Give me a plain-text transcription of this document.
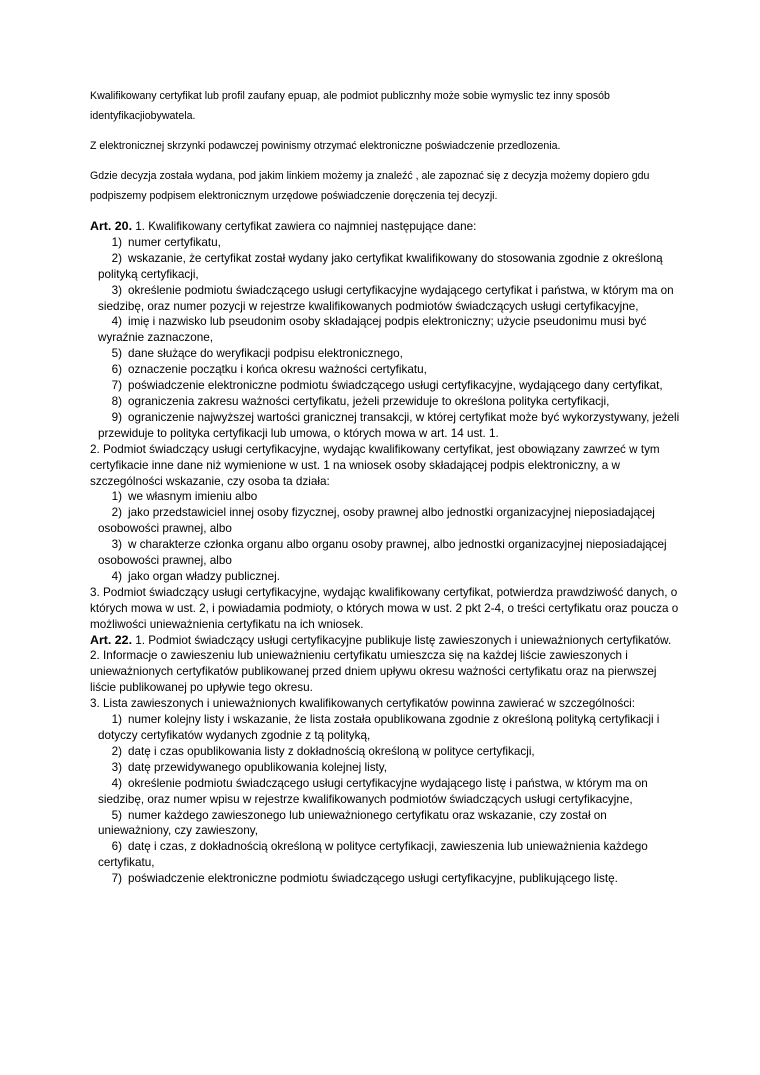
Kwalifikowany certyfikat lub profil zaufany epuap, ale podmiot publicznhy może sobie wymyslic tez inny sposób identyfikacjiobywatela.

Z elektronicznej skrzynki podawczej powinismy otrzymać elektroniczne poświadczenie przedlozenia.

Gdzie decyzja została wydana, pod jakim linkiem możemy ja znaleźć , ale zapoznać się z decyzja możemy dopiero gdu podpiszemy podpisem elektronicznym urzędowe poświadczenie doręczenia tej decyzji.

Art. 20. 1. Kwalifikowany certyfikat zawiera co najmniej następujące dane:

1) numer certyfikatu,

2) wskazanie, że certyfikat został wydany jako certyfikat kwalifikowany do stosowania zgodnie z określoną polityką certyfikacji,

3) określenie podmiotu świadczącego usługi certyfikacyjne wydającego certyfikat i państwa, w którym ma on siedzibę, oraz numer pozycji w rejestrze kwalifikowanych podmiotów świadczących usługi certyfikacyjne,

4) imię i nazwisko lub pseudonim osoby składającej podpis elektroniczny; użycie pseudonimu musi być wyraźnie zaznaczone,

5) dane służące do weryfikacji podpisu elektronicznego,

6) oznaczenie początku i końca okresu ważności certyfikatu,

7) poświadczenie elektroniczne podmiotu świadczącego usługi certyfikacyjne, wydającego dany certyfikat,

8) ograniczenia zakresu ważności certyfikatu, jeżeli przewiduje to określona polityka certyfikacji,

9) ograniczenie najwyższej wartości granicznej transakcji, w której certyfikat może być wykorzystywany, jeżeli przewiduje to polityka certyfikacji lub umowa, o których mowa w art. 14 ust. 1.

2. Podmiot świadczący usługi certyfikacyjne, wydając kwalifikowany certyfikat, jest obowiązany zawrzeć w tym certyfikacie inne dane niż wymienione w ust. 1 na wniosek osoby składającej podpis elektroniczny, a w szczególności wskazanie, czy osoba ta działa:

1) we własnym imieniu albo

2) jako przedstawiciel innej osoby fizycznej, osoby prawnej albo jednostki organizacyjnej nieposiadającej osobowości prawnej, albo

3) w charakterze członka organu albo organu osoby prawnej, albo jednostki organizacyjnej nieposiadającej osobowości prawnej, albo

4) jako organ władzy publicznej.

3. Podmiot świadczący usługi certyfikacyjne, wydając kwalifikowany certyfikat, potwierdza prawdziwość danych, o których mowa w ust. 2, i powiadamia podmioty, o których mowa w ust. 2 pkt 2-4, o treści certyfikatu oraz poucza o możliwości unieważnienia certyfikatu na ich wniosek.

Art. 22. 1. Podmiot świadczący usługi certyfikacyjne publikuje listę zawieszonych i unieważnionych certyfikatów.

2. Informacje o zawieszeniu lub unieważnieniu certyfikatu umieszcza się na każdej liście zawieszonych i unieważnionych certyfikatów publikowanej przed dniem upływu okresu ważności certyfikatu oraz na pierwszej liście publikowanej po upływie tego okresu.

3. Lista zawieszonych i unieważnionych kwalifikowanych certyfikatów powinna zawierać w szczególności:

1) numer kolejny listy i wskazanie, że lista została opublikowana zgodnie z określoną polityką certyfikacji i dotyczy certyfikatów wydanych zgodnie z tą polityką,

2) datę i czas opublikowania listy z dokładnością określoną w polityce certyfikacji,

3) datę przewidywanego opublikowania kolejnej listy,

4) określenie podmiotu świadczącego usługi certyfikacyjne wydającego listę i państwa, w którym ma on siedzibę, oraz numer wpisu w rejestrze kwalifikowanych podmiotów świadczących usługi certyfikacyjne,

5) numer każdego zawieszonego lub unieważnionego certyfikatu oraz wskazanie, czy został on unieważniony, czy zawieszony,

6) datę i czas, z dokładnością określoną w polityce certyfikacji, zawieszenia lub unieważnienia każdego certyfikatu,

7) poświadczenie elektroniczne podmiotu świadczącego usługi certyfikacyjne, publikującego listę.
